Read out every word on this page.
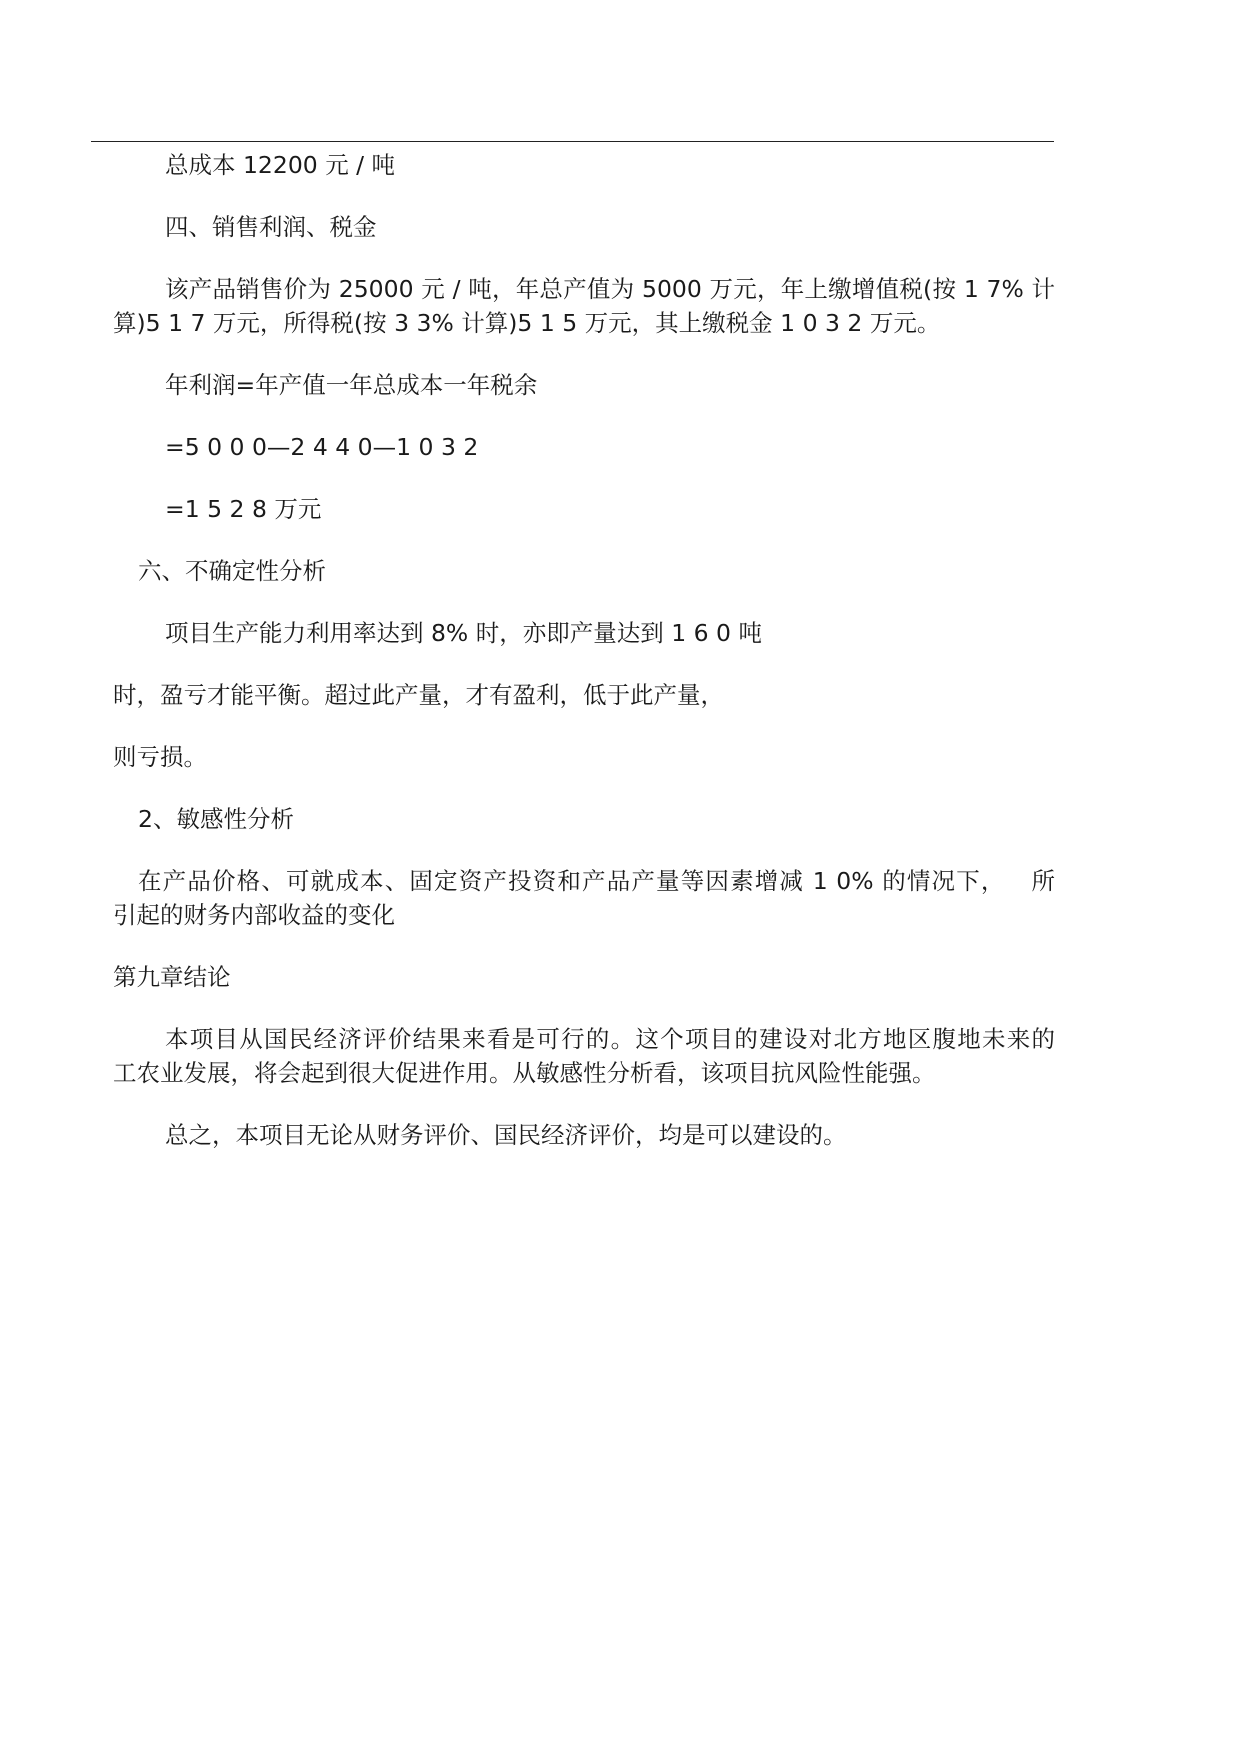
总成本 12200 元 / 吨

四、销售利润、税金

该产品销售价为 25000 元 / 吨，年总产值为 5000 万元，年上缴增值税(按 1 7% 计

算)5 1 7 万元，所得税(按 3 3% 计算)5 1 5 万元，其上缴税金 1 0 3 2 万元。

年利润=年产值一年总成本一年税余

=5 0 0 0—2 4 4 0—1 0 3 2

=1 5 2 8 万元

六、不确定性分析

项目生产能力利用率达到 8% 时，亦即产量达到 1 6 0 吨

时，盈亏才能平衡。超过此产量，才有盈利，低于此产量，

则亏损。

2、敏感性分析

在产品价格、可就成本、固定资产投资和产品产量等因素增减 1 0% 的情况下，   所

引起的财务内部收益的变化

第九章结论

本项目从国民经济评价结果来看是可行的。这个项目的建设对北方地区腹地未来的

工农业发展，将会起到很大促进作用。从敏感性分析看，该项目抗风险性能强。

总之，本项目无论从财务评价、国民经济评价，均是可以建设的。
